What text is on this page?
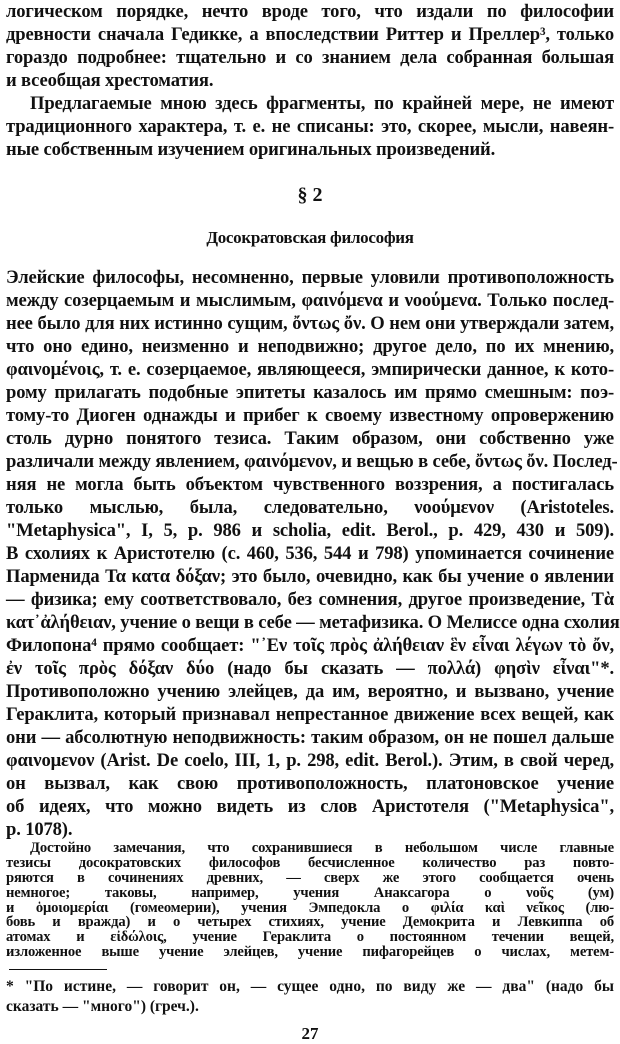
логическом порядке, нечто вроде того, что издали по философии
древности сначала Гедикке, а впоследствии Риттер и Преллер³, только
гораздо подробнее: тщательно и со знанием дела собранная большая
и всеобщая хрестоматия.
Предлагаемые мною здесь фрагменты, по крайней мере, не имеют
традиционного характера, т. е. не списаны: это, скорее, мысли, навеян-
ные собственным изучением оригинальных произведений.
§ 2
Досократовская философия
Элейские философы, несомненно, первые уловили противоположность
между созерцаемым и мыслимым, φαινόμενα и νοούμενα. Только послед-
нее было для них истинно сущим, ὄντως ὄν. О нем они утверждали затем,
что оно едино, неизменно и неподвижно; другое дело, по их мнению,
φαινομένοις, т. е. созерцаемое, являющееся, эмпирически данное, к кото-
рому прилагать подобные эпитеты казалось им прямо смешным: поэ-
тому-то Диоген однажды и прибег к своему известному опровержению
столь дурно понятого тезиса. Таким образом, они собственно уже
различали между явлением, φαινόμενον, и вещью в себе, ὄντως ὄν. Послед-
няя не могла быть объектом чувственного воззрения, а постигалась
только мыслью, была, следовательно, νοούμενον (Aristoteles.
"Metaphysica", I, 5, p. 986 и scholia, edit. Berol., p. 429, 430 и 509).
В схолиях к Аристотелю (с. 460, 536, 544 и 798) упоминается сочинение
Парменида Τα κατα δόξαν; это было, очевидно, как бы учение о явлении
— физика; ему соответствовало, без сомнения, другое произведение, Τὰ
κατ᾽ἀλήθειαν, учение о вещи в себе — метафизика. О Мелиссе одна схолия
Филопона⁴ прямо сообщает: "᾽Εν τοῖς πρὸς ἀλήθειαν ἓν εἶναι λέγων τὸ ὄν,
ἐν τοῖς πρὸς δόξαν δύο (надо бы сказать — πολλά) φησὶν εἶναι"*.
Противоположно учению элейцев, да им, вероятно, и вызвано, учение
Гераклита, который признавал непрестанное движение всех вещей, как
они — абсолютную неподвижность: таким образом, он не пошел дальше
φαινομενον (Arist. De coelo, III, 1, p. 298, edit. Berol.). Этим, в свой черед,
он вызвал, как свою противоположность, платоновское учение
об идеях, что можно видеть из слов Аристотеля ("Metaphysica",
p. 1078).
Достойно замечания, что сохранившиеся в небольшом числе главные
тезисы досократовских философов бесчисленное количество раз повто-
ряются в сочинениях древних, — сверх же этого сообщается очень
немногое; таковы, например, учения Анаксагора о νοῦς (ум)
и ὁμοιομερίαι (гомеомерии), учения Эмпедокла о φιλία καὶ νεῖκος (лю-
* "По истине, — говорит он, — сущее одно, по виду же — два" (надо бы
сказать — "много") (греч.).
27
бовь и вражда) и о четырех стихиях, учение Демокрита и Левкиппа об
атомах и εἰδώλοις, учение Гераклита о постоянном течении вещей,
изложенное выше учение элейцев, учение пифагорейцев о числах, метем-
